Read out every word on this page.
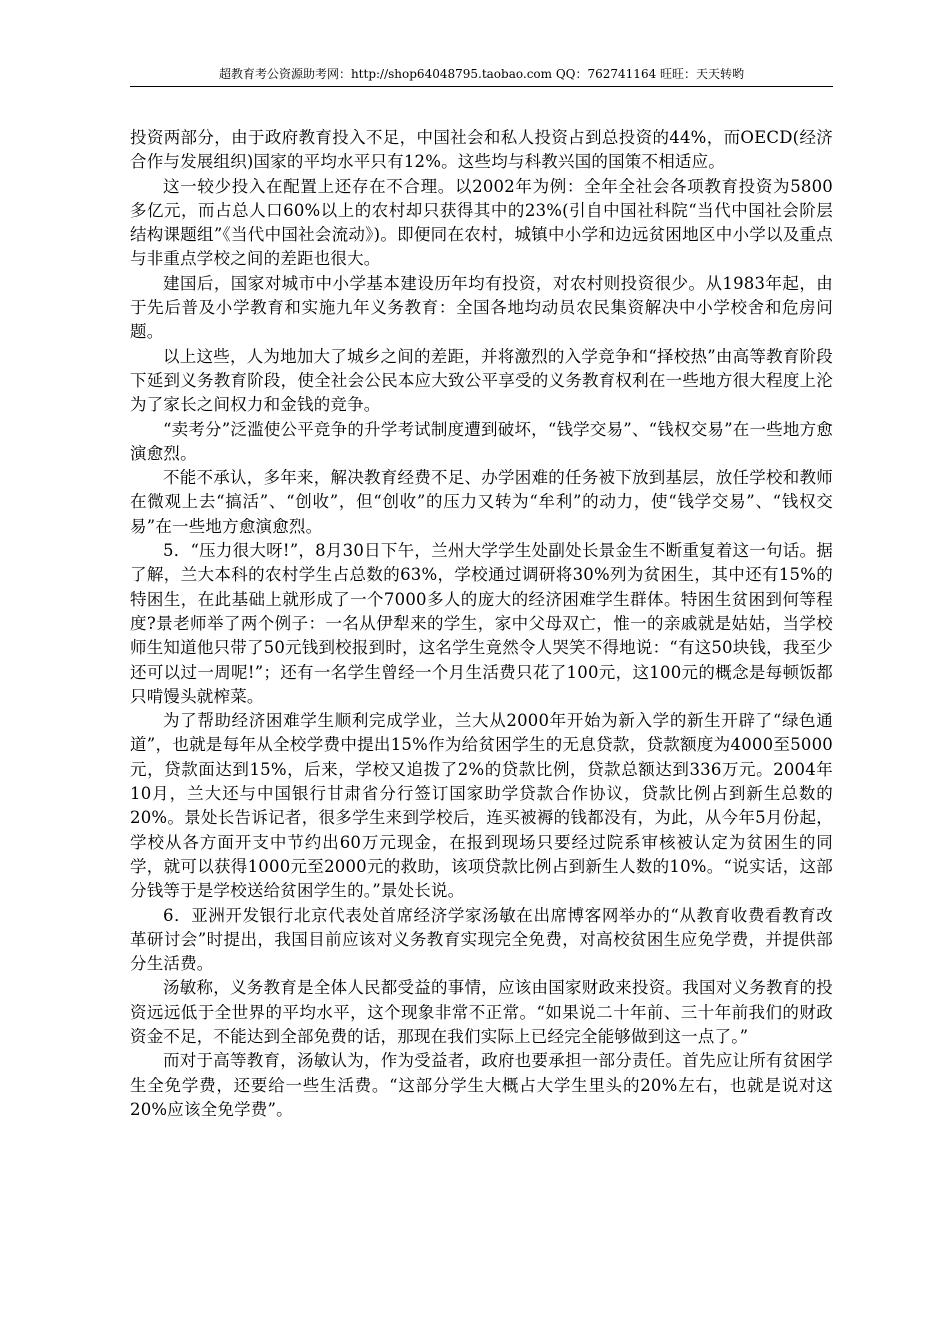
超教育考公资源助考网：http://shop64048795.taobao.com QQ：762741164 旺旺：天天转哟

投资两部分，由于政府教育投入不足，中国社会和私人投资占到总投资的44%，而OECD(经济合作与发展组织)国家的平均水平只有12%。这些均与科教兴国的国策不相适应。

这一较少投入在配置上还存在不合理。以2002年为例：全年全社会各项教育投资为5800多亿元，而占总人口60%以上的农村却只获得其中的23%(引自中国社科院“当代中国社会阶层结构课题组”《当代中国社会流动》)。即便同在农村，城镇中小学和边远贫困地区中小学以及重点与非重点学校之间的差距也很大。

建国后，国家对城市中小学基本建设历年均有投资，对农村则投资很少。从1983年起，由于先后普及小学教育和实施九年义务教育：全国各地均动员农民集资解决中小学校舍和危房问题。

以上这些，人为地加大了城乡之间的差距，并将激烈的入学竞争和“择校热”由高等教育阶段下延到义务教育阶段，使全社会公民本应大致公平享受的义务教育权利在一些地方很大程度上沦为了家长之间权力和金钱的竞争。

“卖考分”泛滥使公平竞争的升学考试制度遭到破坏，“钱学交易”、“钱权交易”在一些地方愈演愈烈。

不能不承认，多年来，解决教育经费不足、办学困难的任务被下放到基层，放任学校和教师在微观上去“搞活”、“创收”，但“创收”的压力又转为“牟利”的动力，使“钱学交易”、“钱权交易”在一些地方愈演愈烈。

5．“压力很大呀!”，8月30日下午，兰州大学学生处副处长景金生不断重复着这一句话。据了解，兰大本科的农村学生占总数的63%，学校通过调研将30%列为贫困生，其中还有15%的特困生，在此基础上就形成了一个7000多人的庞大的经济困难学生群体。特困生贫困到何等程度?景老师举了两个例子：一名从伊犁来的学生，家中父母双亡，惟一的亲戚就是姑姑，当学校师生知道他只带了50元钱到校报到时，这名学生竟然令人哭笑不得地说：“有这50块钱，我至少还可以过一周呢!”；还有一名学生曾经一个月生活费只花了100元，这100元的概念是每顿饭都只啃馒头就榨菜。

为了帮助经济困难学生顺利完成学业，兰大从2000年开始为新入学的新生开辟了“绿色通道”，也就是每年从全校学费中提出15%作为给贫困学生的无息贷款，贷款额度为4000至5000元，贷款面达到15%，后来，学校又追拨了2%的贷款比例，贷款总额达到336万元。2004年10月，兰大还与中国银行甘肃省分行签订国家助学贷款合作协议，贷款比例占到新生总数的20%。景处长告诉记者，很多学生来到学校后，连买被褥的钱都没有，为此，从今年5月份起，学校从各方面开支中节约出60万元现金，在报到现场只要经过院系审核被认定为贫困生的同学，就可以获得1000元至2000元的救助，该项贷款比例占到新生人数的10%。“说实话，这部分钱等于是学校送给贫困学生的。”景处长说。

6．亚洲开发银行北京代表处首席经济学家汤敏在出席博客网举办的“从教育收费看教育改革研讨会”时提出，我国目前应该对义务教育实现完全免费，对高校贫困生应免学费，并提供部分生活费。

汤敏称，义务教育是全体人民都受益的事情，应该由国家财政来投资。我国对义务教育的投资远远低于全世界的平均水平，这个现象非常不正常。“如果说二十年前、三十年前我们的财政资金不足，不能达到全部免费的话，那现在我们实际上已经完全能够做到这一点了。”

而对于高等教育，汤敏认为，作为受益者，政府也要承担一部分责任。首先应让所有贫困学生全免学费，还要给一些生活费。“这部分学生大概占大学生里头的20%左右，也就是说对这20%应该全免学费”。
